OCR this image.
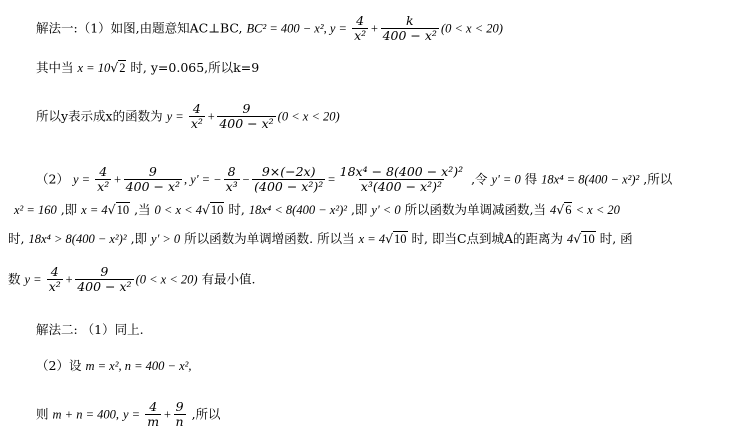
解法一:（1）如图,由题意知AC⊥BC, BC² = 400 − x², $y = \frac{4}{\text{x²}} + \frac{k}{\text{400 − x²}} (0 < x < 20)$
其中当 x = 10√2 时, y=0.065,所以k=9
所以y表示成x的函数为 $y = \frac{4}{\text{x²}} + \frac{9}{\text{400 − x²}} (0 < x < 20)$
（2） $y = \frac{4}{\text{x²}} + \frac{9}{\text{400 − x²}}$ , y' = − $\frac{8}{\text{x³}} - \frac{9\times(-2x)}{\text{(400 − x²)²}} = \frac{\text{18x⁴ − 8(400 − x²)²}}{\text{x³(400 − x²)²}}$ ,令 y' = 0 得 18x⁴ = 8(400 − x²)² ,所以
x² = 160 ,即 x = 4√10 ,当 0 < x < 4√10 时, 18x⁴ < 8(400 − x²)² ,即 y' < 0 所以函数为单调减函数,当 4√6 < x < 20
时, 18x⁴ > 8(400 − x²)² ,即 y' > 0 所以函数为单调增函数. 所以当 x = 4√10 时, 即当C点到城A的距离为 4√10 时, 函
数 $y = \frac{4}{\text{x²}} + \frac{9}{\text{400 − x²}} (0 < x < 20)$ 有最小值.
解法二: （1）同上.
（2）设 m = x², n = 400 − x²,
则 m + n = 400, $y = \frac{4}{m} + \frac{9}{n}$ ,所以
